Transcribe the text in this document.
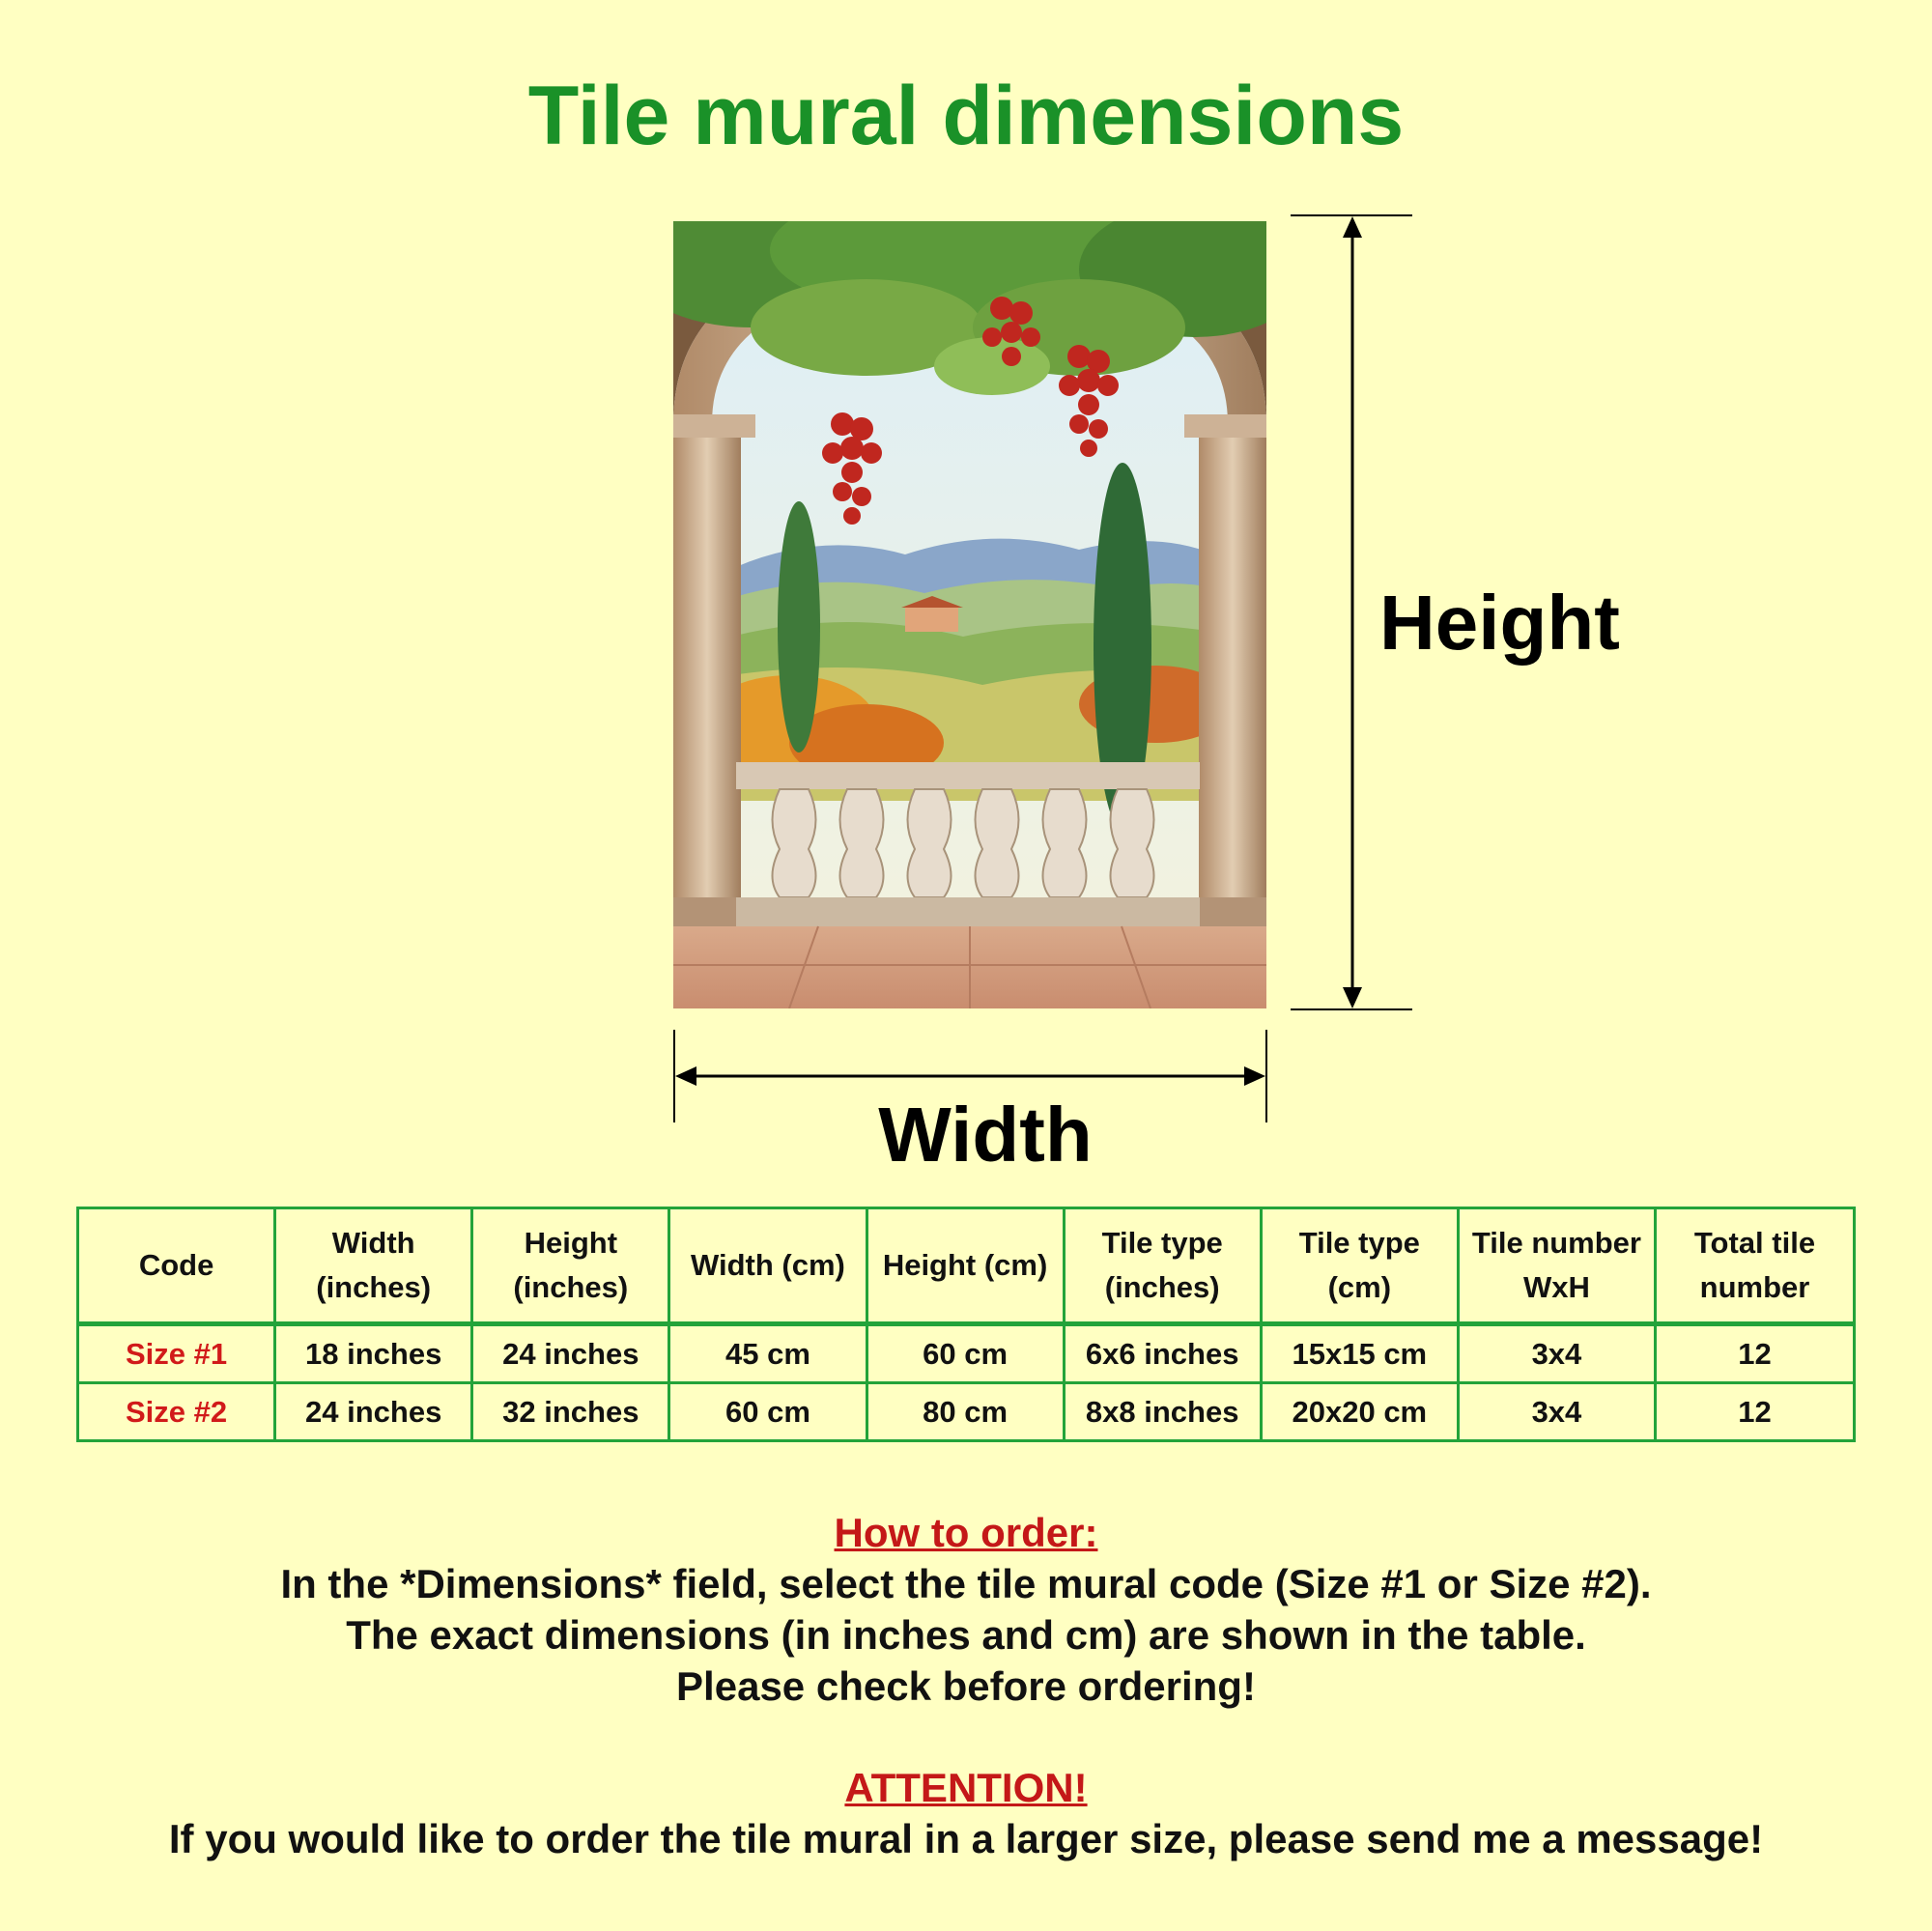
Tile mural dimensions
Height
Width
Code	Width (inches)	Height (inches)	Width (cm)	Height (cm)	Tile type (inches)	Tile type (cm)	Tile number WxH	Total tile number
Size #1	18 inches	24 inches	45 cm	60 cm	6x6 inches	15x15 cm	3x4	12
Size #2	24 inches	32 inches	60 cm	80 cm	8x8 inches	20x20 cm	3x4	12
How to order:
In the *Dimensions* field, select the tile mural code (Size #1 or Size #2).
The exact dimensions (in inches and cm) are shown in the table.
Please check before ordering!
ATTENTION!
If you would like to order the tile mural in a larger size, please send me a message!
